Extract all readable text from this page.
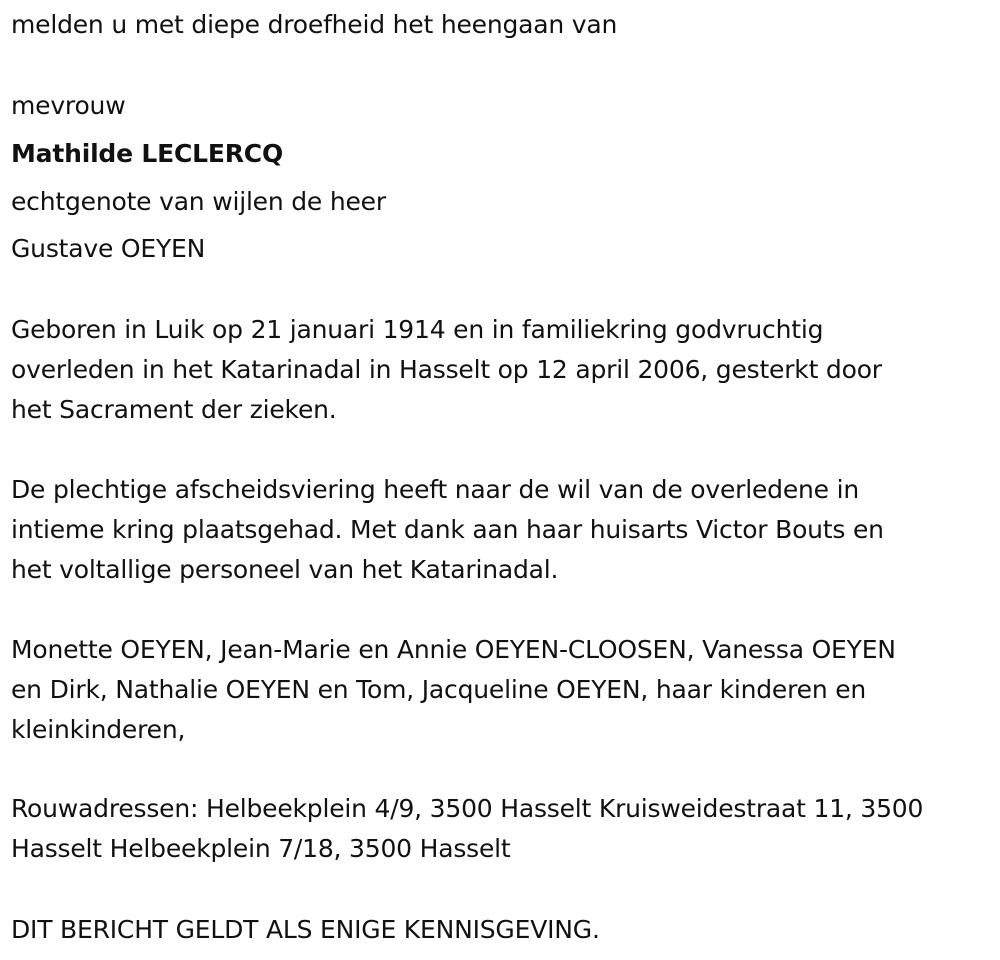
melden u met diepe droefheid het heengaan van
mevrouw
Mathilde LECLERCQ
echtgenote van wijlen de heer
Gustave OEYEN
Geboren in Luik op 21 januari 1914 en in familiekring godvruchtig
overleden in het Katarinadal in Hasselt op 12 april 2006, gesterkt door
het Sacrament der zieken.
De plechtige afscheidsviering heeft naar de wil van de overledene in
intieme kring plaatsgehad. Met dank aan haar huisarts Victor Bouts en
het voltallige personeel van het Katarinadal.
Monette OEYEN, Jean-Marie en Annie OEYEN-CLOOSEN, Vanessa OEYEN
en Dirk, Nathalie OEYEN en Tom, Jacqueline OEYEN, haar kinderen en
kleinkinderen,
Rouwadressen: Helbeekplein 4/9, 3500 Hasselt Kruisweidestraat 11, 3500
Hasselt Helbeekplein 7/18, 3500 Hasselt
DIT BERICHT GELDT ALS ENIGE KENNISGEVING.
